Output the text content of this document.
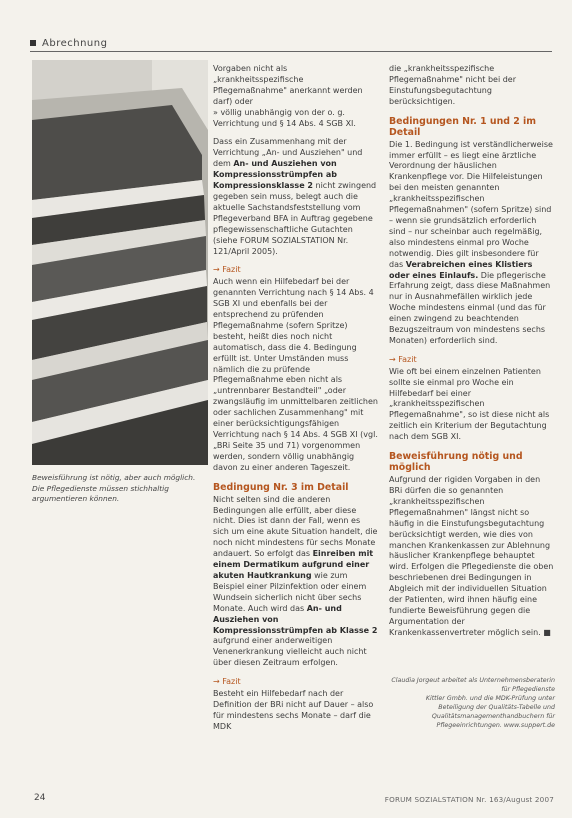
Abrechnung
Beweisführung ist nötig, aber auch möglich. Die Pflegedienste müssen stichhaltig argumentieren können.

Vorgaben nicht als „krankheitsspezifische Pflegemaßnahme" anerkannt werden darf) oder

» völlig unabhängig von der o. g. Verrichtung und § 14 Abs. 4 SGB XI.

Dass ein Zusammenhang mit der Verrichtung „An- und Ausziehen" und dem An- und Ausziehen von Kompressionsstrümpfen ab Kompressionsklasse 2 nicht zwingend gegeben sein muss, belegt auch die aktuelle Sachstandsfeststellung vom Pflegeverband BFA in Auftrag gegebene pflegewissenschaftliche Gutachten (siehe FORUM SOZIALSTATION Nr. 121/April 2005).

→ Fazit

Auch wenn ein Hilfebedarf bei der genannten Verrichtung nach § 14 Abs. 4 SGB XI und ebenfalls bei der entsprechend zu prüfenden Pflegemaßnahme (sofern Spritze) besteht, heißt dies noch nicht automatisch, dass die 4. Bedingung erfüllt ist. Unter Umständen muss nämlich die zu prüfende Pflegemaßnahme eben nicht als „untrennbarer Bestandteil" „oder zwangsläufig im unmittelbaren zeitlichen oder sachlichen Zusammenhang" mit einer berücksichtigungsfähigen Verrichtung nach § 14 Abs. 4 SGB XI (vgl. „BRi Seite 35 und 71) vorgenommen werden, sondern völlig unabhängig davon zu einer anderen Tageszeit.

Bedingung Nr. 3 im Detail

Nicht selten sind die anderen Bedingungen alle erfüllt, aber diese nicht. Dies ist dann der Fall, wenn es sich um eine akute Situation handelt, die noch nicht mindestens für sechs Monate andauert. So erfolgt das Einreiben mit einem Dermatikum aufgrund einer akuten Hautkrankung wie zum Beispiel einer Pilzinfektion oder einem Wundsein sicherlich nicht über sechs Monate. Auch wird das An- und Ausziehen von Kompressionsstrümpfen ab Klasse 2 aufgrund einer anderweitigen Venenerkrankung vielleicht auch nicht über diesen Zeitraum erfolgen.

→ Fazit

Besteht ein Hilfebedarf nach der Definition der BRi nicht auf Dauer – also für mindestens sechs Monate – darf die MDK

die „krankheitsspezifische Pflegemaßnahme" nicht bei der Einstufungsbegutachtung berücksichtigen.

Bedingungen Nr. 1 und 2 im Detail

Die 1. Bedingung ist verständlicherweise immer erfüllt – es liegt eine ärztliche Verordnung der häuslichen Krankenpflege vor. Die Hilfeleistungen bei den meisten genannten „krankheitsspezifischen Pflegemaßnahmen" (sofern Spritze) sind – wenn sie grundsätzlich erforderlich sind – nur scheinbar auch regelmäßig, also mindestens einmal pro Woche notwendig. Dies gilt insbesondere für das Verabreichen eines Klistiers oder eines Einlaufs. Die pflegerische Erfahrung zeigt, dass diese Maßnahmen nur in Ausnahmefällen wirklich jede Woche mindestens einmal (und das für einen zwingend zu beachtenden Bezugszeitraum von mindestens sechs Monaten) erforderlich sind.

→ Fazit

Wie oft bei einem einzelnen Patienten sollte sie einmal pro Woche ein Hilfebedarf bei einer „krankheitsspezifischen Pflegemaßnahme", so ist diese nicht als zeitlich ein Kriterium der Begutachtung nach dem SGB XI.

Beweisführung nötig und möglich

Aufgrund der rigiden Vorgaben in den BRi dürfen die so genannten „krankheitsspezifischen Pflegemaßnahmen" längst nicht so häufig in die Einstufungsbegutachtung berücksichtigt werden, wie dies von manchen Krankenkassen zur Ablehnung häuslicher Krankenpflege behauptet wird. Erfolgen die Pflegedienste die oben beschriebenen drei Bedingungen in Abgleich mit der individuellen Situation der Patienten, wird ihnen häufig eine fundierte Beweisführung gegen die Argumentation der Krankenkassenvertreter möglich sein. ■

Claudia Jorgeut arbeitet als Unternehmensberaterin für Pflegedienste
Kittler Gmbh. und die MDK-Prüfung unter
Beteiligung der Qualitäts-Tabelle und
Qualitätsmanagementhandbuchern für
Pflegeeinrichtungen. www.suppert.de
24	FORUM SOZIALSTATION Nr. 163/August 2007
